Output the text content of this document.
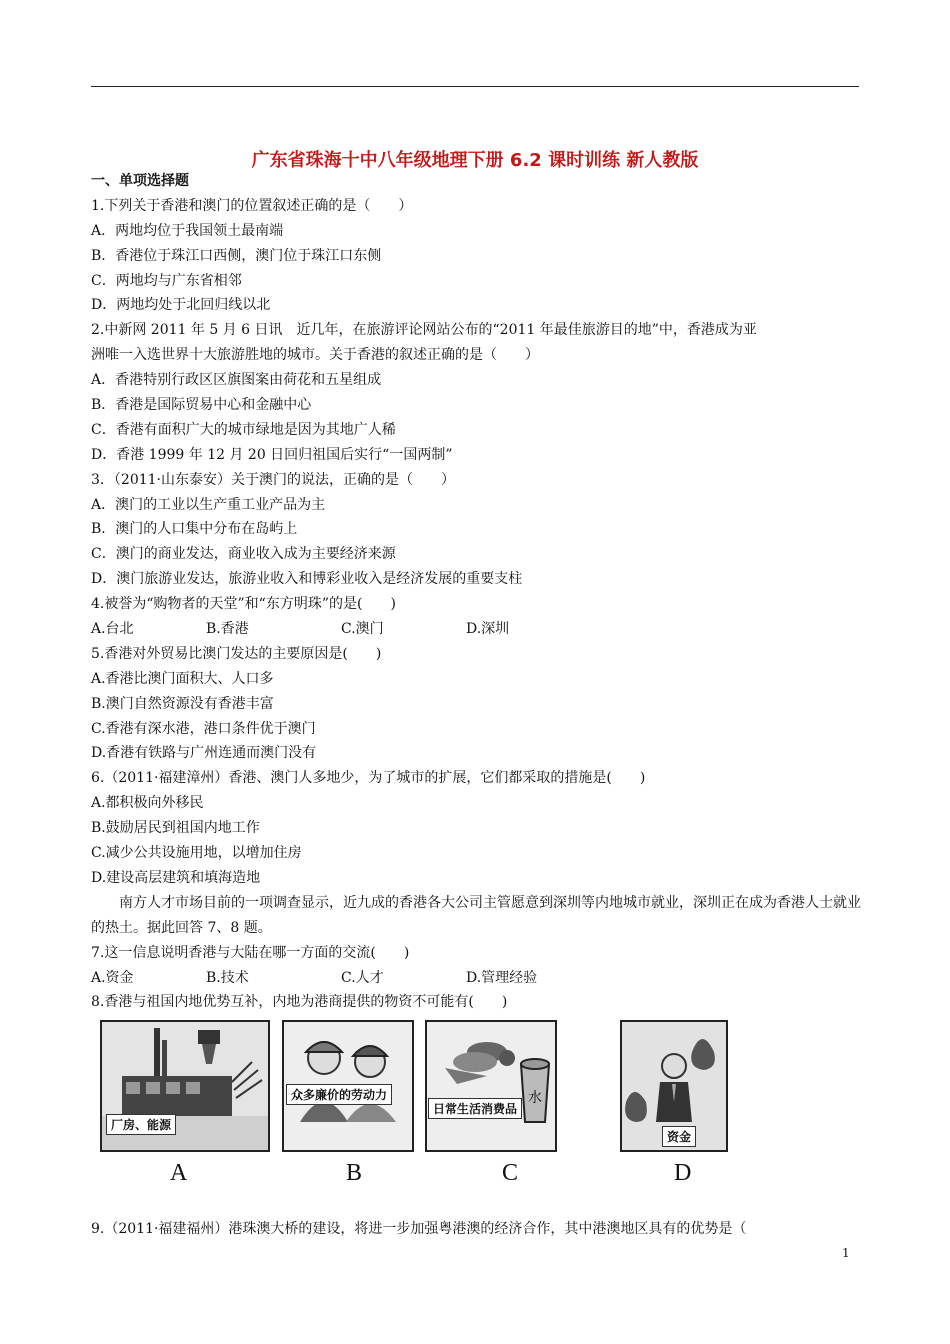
广东省珠海十中八年级地理下册 6.2 课时训练 新人教版
一、单项选择题
1.下列关于香港和澳门的位置叙述正确的是（　　）
A．两地均位于我国领土最南端
B．香港位于珠江口西侧，澳门位于珠江口东侧
C．两地均与广东省相邻
D．两地均处于北回归线以北
2.中新网 2011 年 5 月 6 日讯　近几年，在旅游评论网站公布的“2011 年最佳旅游目的地”中，香港成为亚
洲唯一入选世界十大旅游胜地的城市。关于香港的叙述正确的是（　　）
A．香港特别行政区区旗图案由荷花和五星组成
B．香港是国际贸易中心和金融中心
C．香港有面积广大的城市绿地是因为其地广人稀
D．香港 1999 年 12 月 20 日回归祖国后实行“一国两制”
3．（2011·山东泰安）关于澳门的说法，正确的是（　　）
A．澳门的工业以生产重工业产品为主
B．澳门的人口集中分布在岛屿上
C．澳门的商业发达，商业收入成为主要经济来源
D．澳门旅游业发达，旅游业收入和博彩业收入是经济发展的重要支柱
4.被誉为“购物者的天堂”和“东方明珠”的是(　　)
A.台北	B.香港	C.澳门	D.深圳
5.香港对外贸易比澳门发达的主要原因是(　　)
A.香港比澳门面积大、人口多
B.澳门自然资源没有香港丰富
C.香港有深水港，港口条件优于澳门
D.香港有铁路与广州连通而澳门没有
6.（2011·福建漳州）香港、澳门人多地少，为了城市的扩展，它们都采取的措施是(　　)
A.都积极向外移民
B.鼓励居民到祖国内地工作
C.减少公共设施用地，以增加住房
D.建设高层建筑和填海造地
南方人才市场目前的一项调查显示，近九成的香港各大公司主管愿意到深圳等内地城市就业，深圳正在成为香港人士就业的热土。据此回答 7、8 题。
7.这一信息说明香港与大陆在哪一方面的交流(　　)
A.资金	B.技术	C.人才	D.管理经验
8.香港与祖国内地优势互补，内地为港商提供的物资不可能有(　　)
厂房、能源
众多廉价的劳动力	水
日常生活消费品
资金
A	B	C	D
9.（2011·福建福州）港珠澳大桥的建设，将进一步加强粤港澳的经济合作，其中港澳地区具有的优势是（
1
